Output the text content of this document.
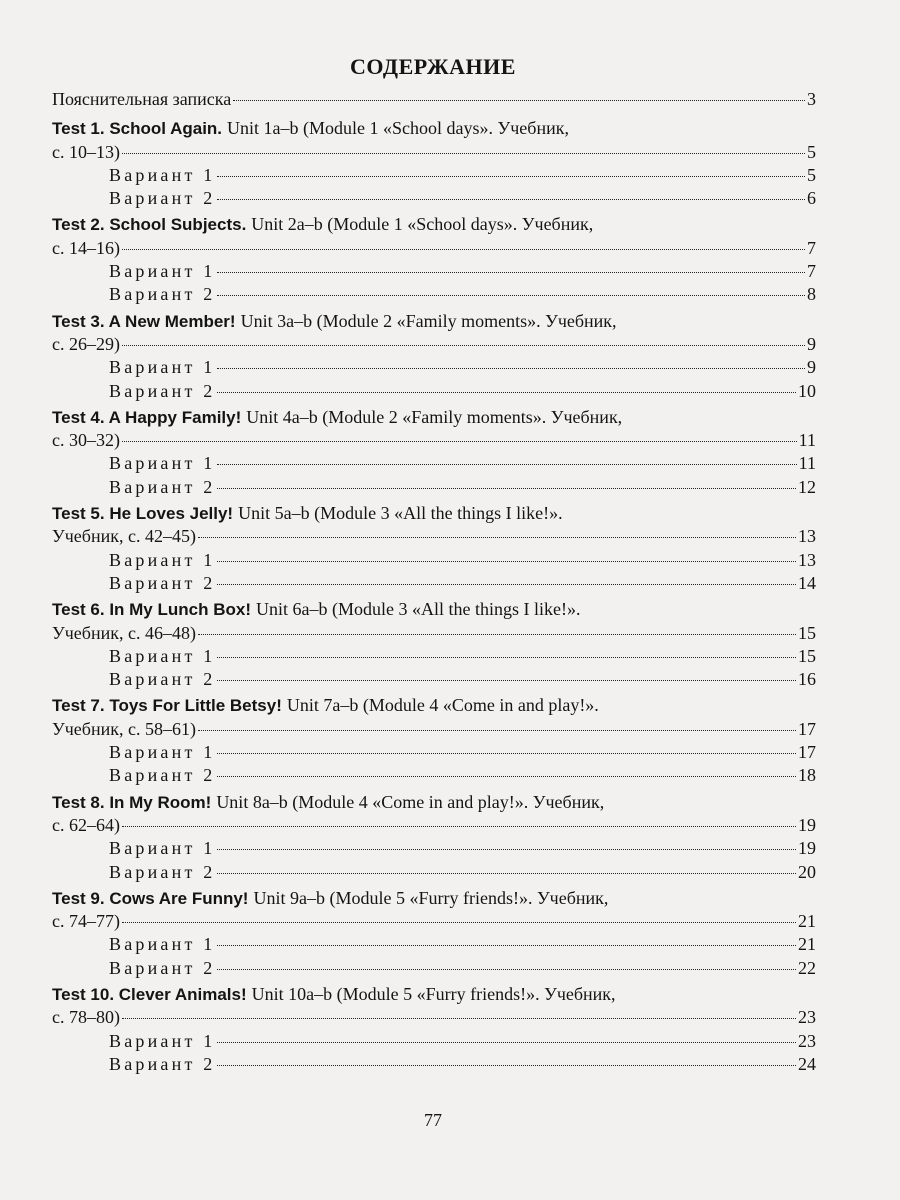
СОДЕРЖАНИЕ
Пояснительная записка	3
Test 1. School Again. Unit 1a–b (Module 1 «School days». Учебник,
с. 10–13)	5
Вариант 1	5
Вариант 2	6
Test 2. School Subjects. Unit 2a–b (Module 1 «School days». Учебник,
с. 14–16)	7
Вариант 1	7
Вариант 2	8
Test 3. A New Member! Unit 3a–b (Module 2 «Family moments». Учебник,
с. 26–29)	9
Вариант 1	9
Вариант 2	10
Test 4. A Happy Family! Unit 4a–b (Module 2 «Family moments». Учебник,
с. 30–32)	11
Вариант 1	11
Вариант 2	12
Test 5. He Loves Jelly! Unit 5a–b (Module 3 «All the things I like!».
Учебник, с. 42–45)	13
Вариант 1	13
Вариант 2	14
Test 6. In My Lunch Box! Unit 6a–b (Module 3 «All the things I like!».
Учебник, с. 46–48)	15
Вариант 1	15
Вариант 2	16
Test 7. Toys For Little Betsy! Unit 7a–b (Module 4 «Come in and play!».
Учебник, с. 58–61)	17
Вариант 1	17
Вариант 2	18
Test 8. In My Room! Unit 8a–b (Module 4 «Come in and play!». Учебник,
с. 62–64)	19
Вариант 1	19
Вариант 2	20
Test 9. Cows Are Funny! Unit 9a–b (Module 5 «Furry friends!». Учебник,
с. 74–77)	21
Вариант 1	21
Вариант 2	22
Test 10. Clever Animals! Unit 10a–b (Module 5 «Furry friends!». Учебник,
с. 78–80)	23
Вариант 1	23
Вариант 2	24
77
